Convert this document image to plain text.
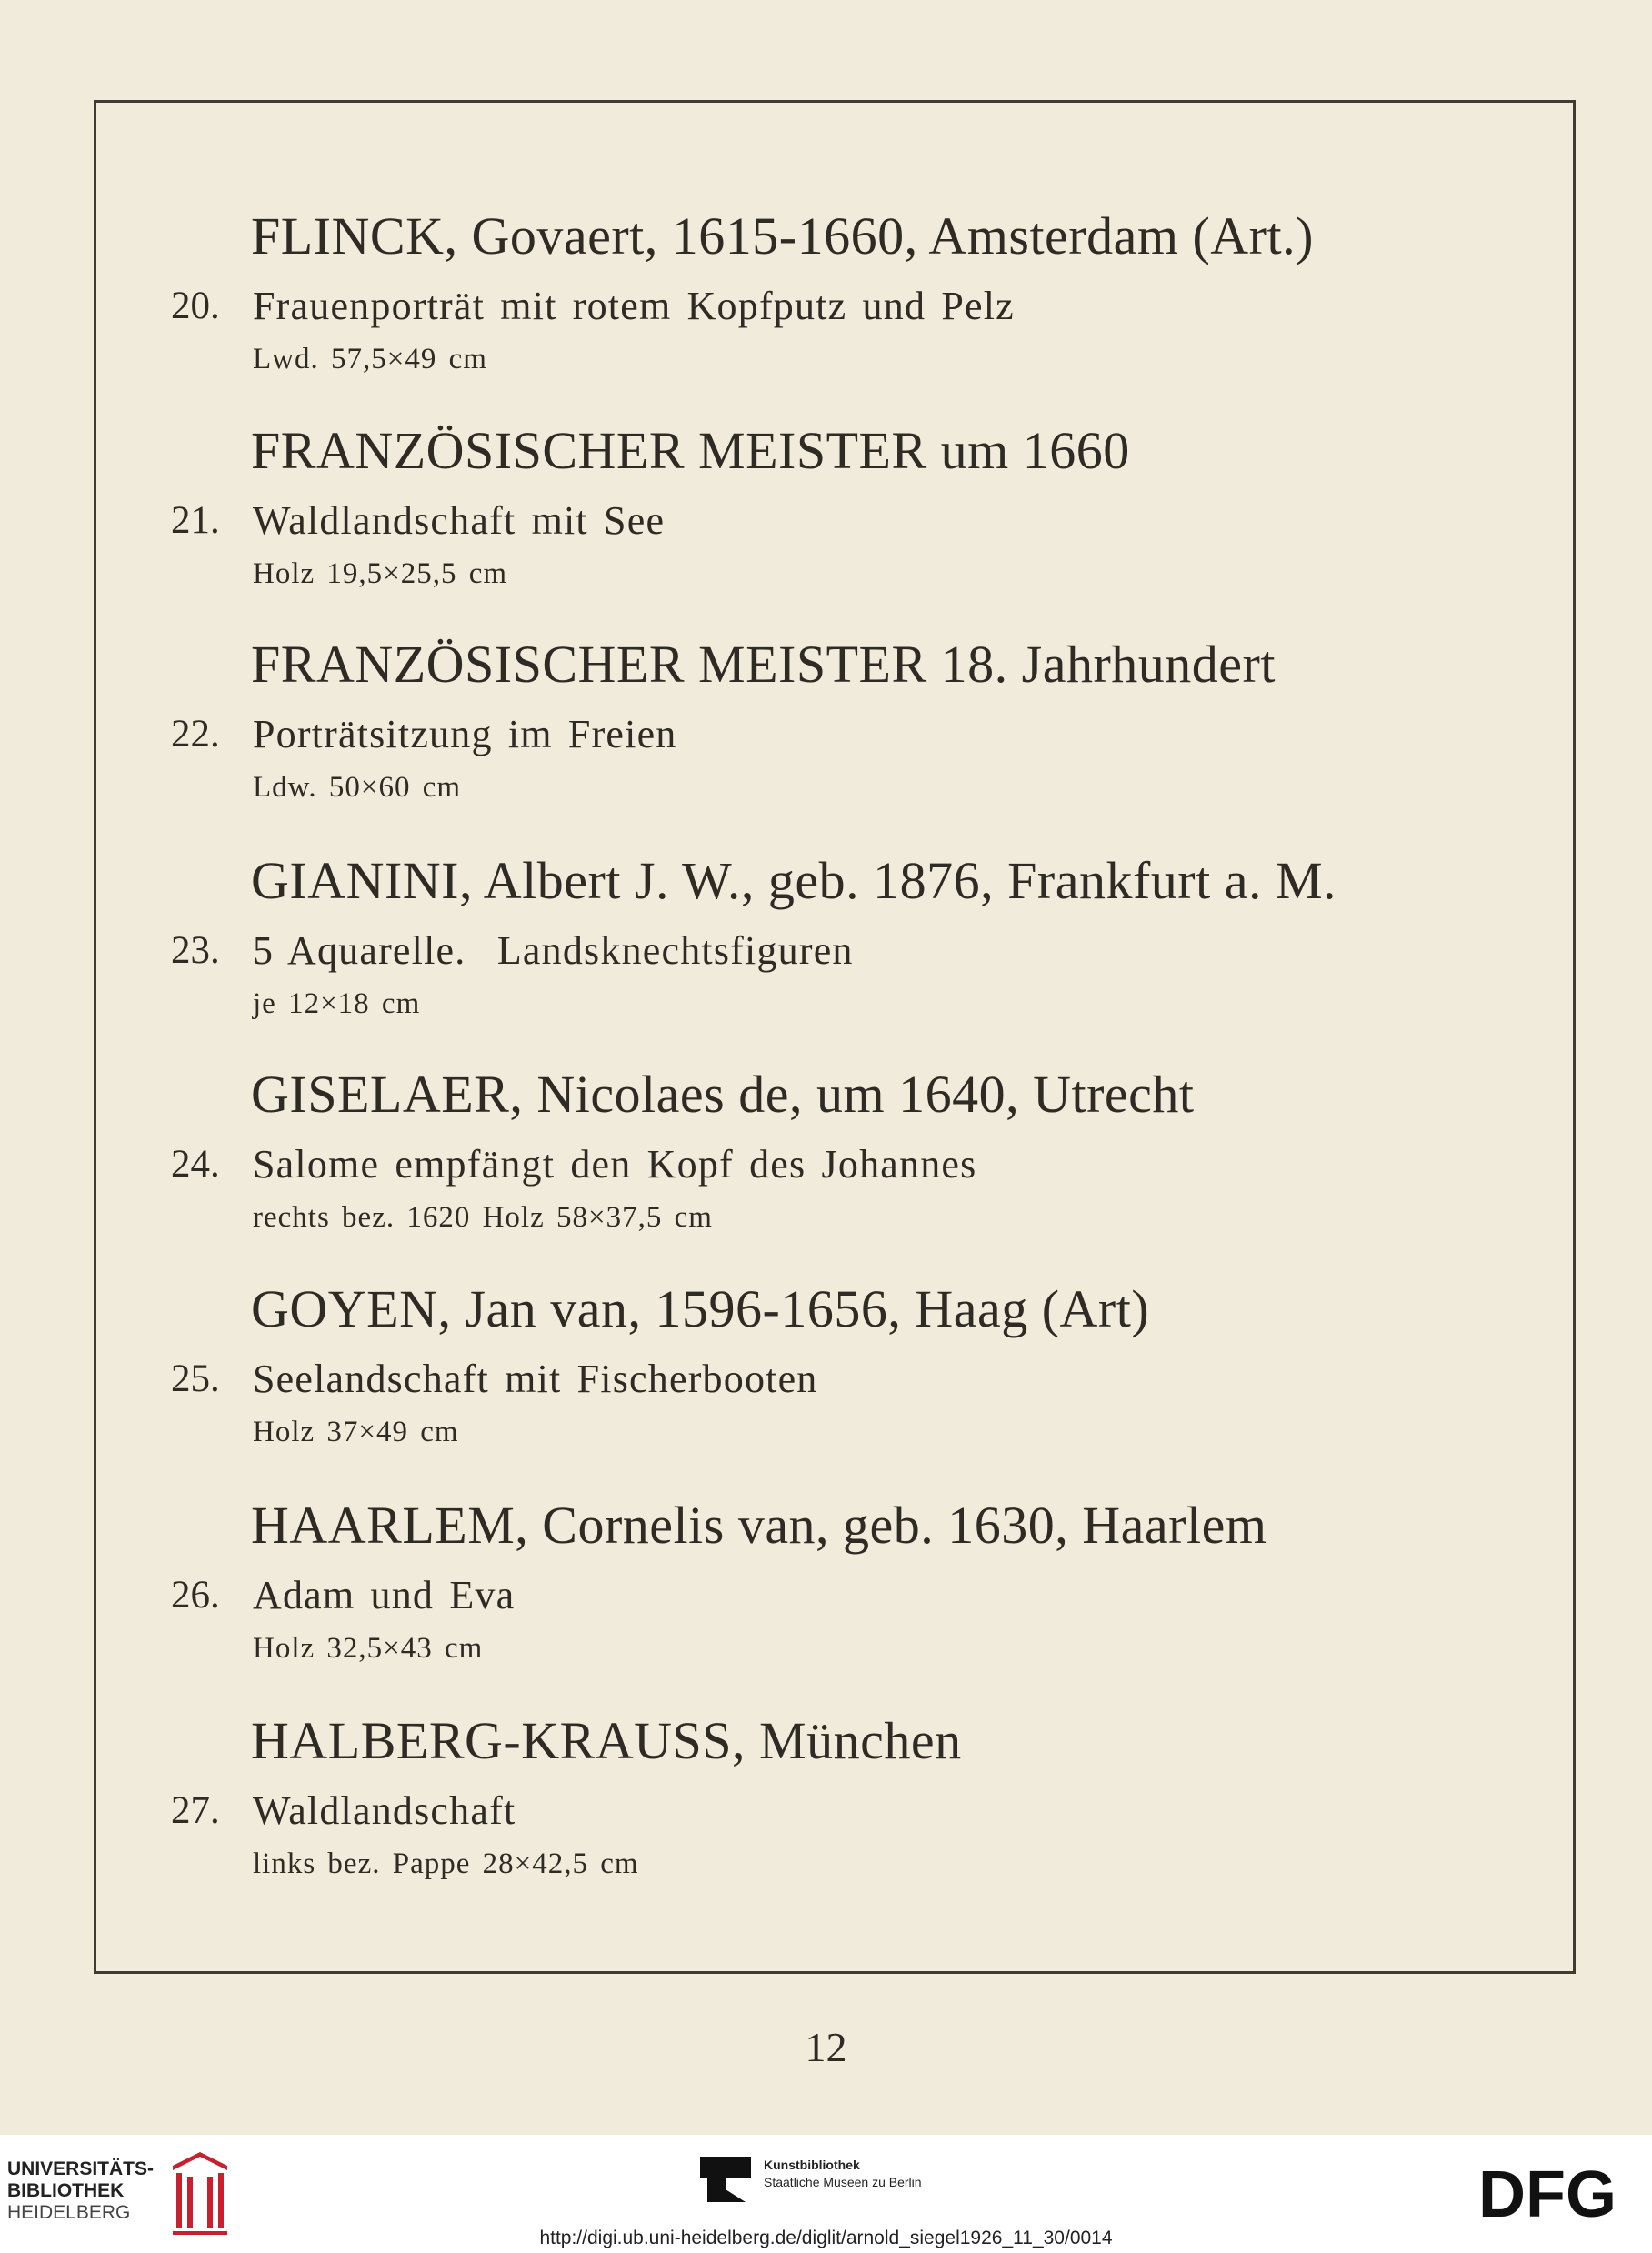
FLINCK, Govaert, 1615-1660, Amsterdam (Art.)
20. Frauenporträt mit rotem Kopfputz und Pelz
Lwd. 57,5×49 cm
FRANZÖSISCHER MEISTER um 1660
21. Waldlandschaft mit See
Holz 19,5×25,5 cm
FRANZÖSISCHER MEISTER 18. Jahrhundert
22. Porträtsitzung im Freien
Ldw. 50×60 cm
GIANINI, Albert J. W., geb. 1876, Frankfurt a. M.
23. 5 Aquarelle.  Landsknechtsfiguren
je 12×18 cm
GISELAER, Nicolaes de, um 1640, Utrecht
24. Salome empfängt den Kopf des Johannes
rechts bez. 1620 Holz 58×37,5 cm
GOYEN, Jan van, 1596-1656, Haag (Art)
25. Seelandschaft mit Fischerbooten
Holz 37×49 cm
HAARLEM, Cornelis van, geb. 1630, Haarlem
26. Adam und Eva
Holz 32,5×43 cm
HALBERG-KRAUSS, München
27. Waldlandschaft
links bez. Pappe 28×42,5 cm
12
UNIVERSITÄTS-
BIBLIOTHEK
HEIDELBERG
Kunstbibliothek
Staatliche Museen zu Berlin	DFG
http://digi.ub.uni-heidelberg.de/diglit/arnold_siegel1926_11_30/0014
